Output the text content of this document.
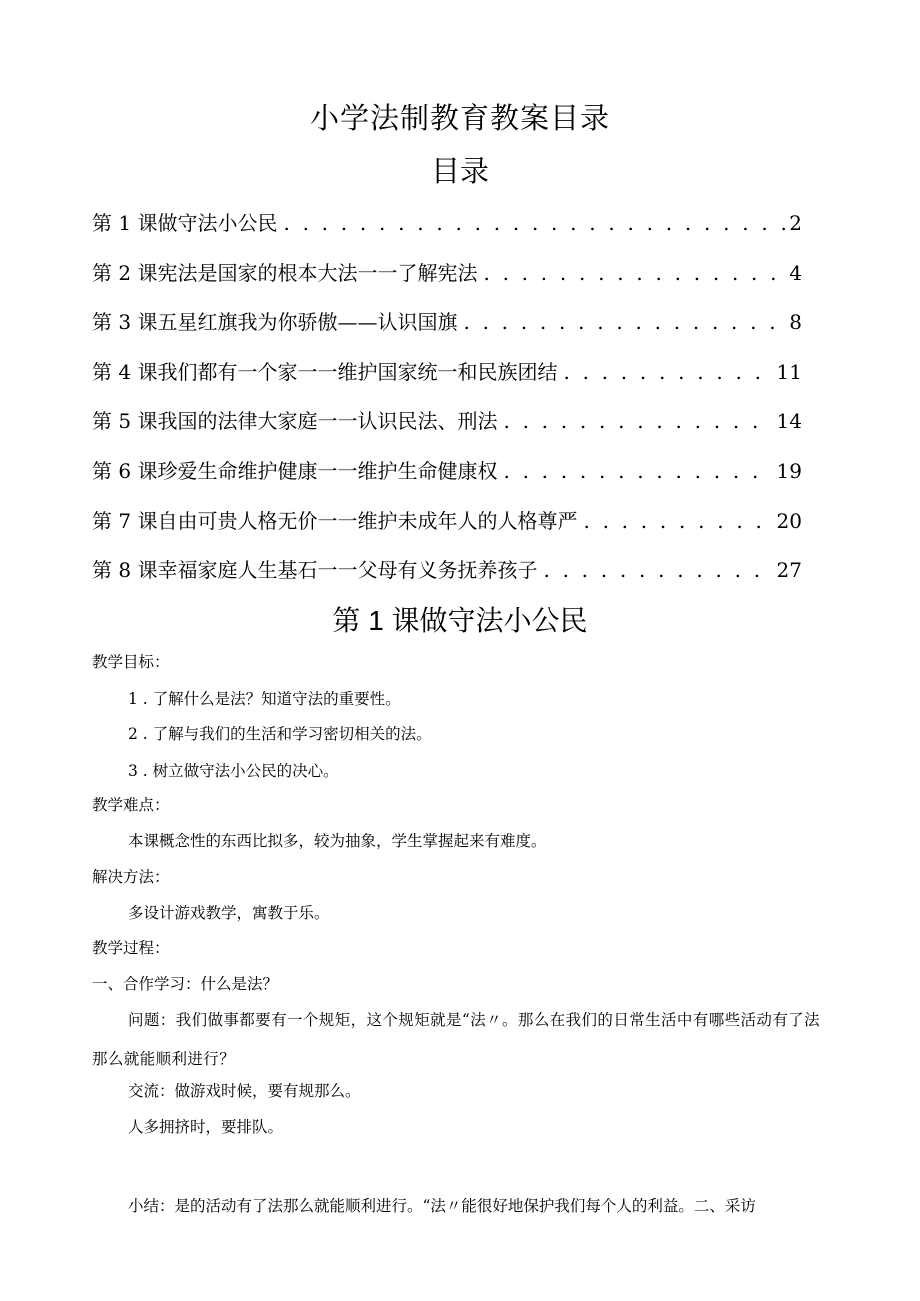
小学法制教育教案目录
目录
第 1 课做守法小公民 . . .	2
第 2 课宪法是国家的根本大法一一了解宪法 . . .	4
第 3 课五星红旗我为你骄傲——认识国旗 . . .	8
第 4 课我们都有一个家一一维护国家统一和民族团结 . . .	11
第 5 课我国的法律大家庭一一认识民法、刑法 . . .	14
第 6 课珍爱生命维护健康一一维护生命健康权 . . .	19
第 7 课自由可贵人格无价一一维护未成年人的人格尊严 . . .	20
第 8 课幸福家庭人生基石一一父母有义务抚养孩子 . . .	27
第 1 课做守法小公民
教学目标：
1 . 了解什么是法？知道守法的重要性。
2 . 了解与我们的生活和学习密切相关的法。
3 . 树立做守法小公民的决心。
教学难点：
本课概念性的东西比拟多，较为抽象，学生掌握起来有难度。
解决方法：
多设计游戏教学，寓教于乐。
教学过程：
一、合作学习：什么是法？
问题：我们做事都要有一个规矩，这个规矩就是“法〃。那么在我们的日常生活中有哪些活动有了法那么就能顺利进行？
交流：做游戏时候，要有规那么。
人多拥挤时，要排队。
小结：是的活动有了法那么就能顺利进行。“法〃能很好地保护我们每个人的利益。二、采访
